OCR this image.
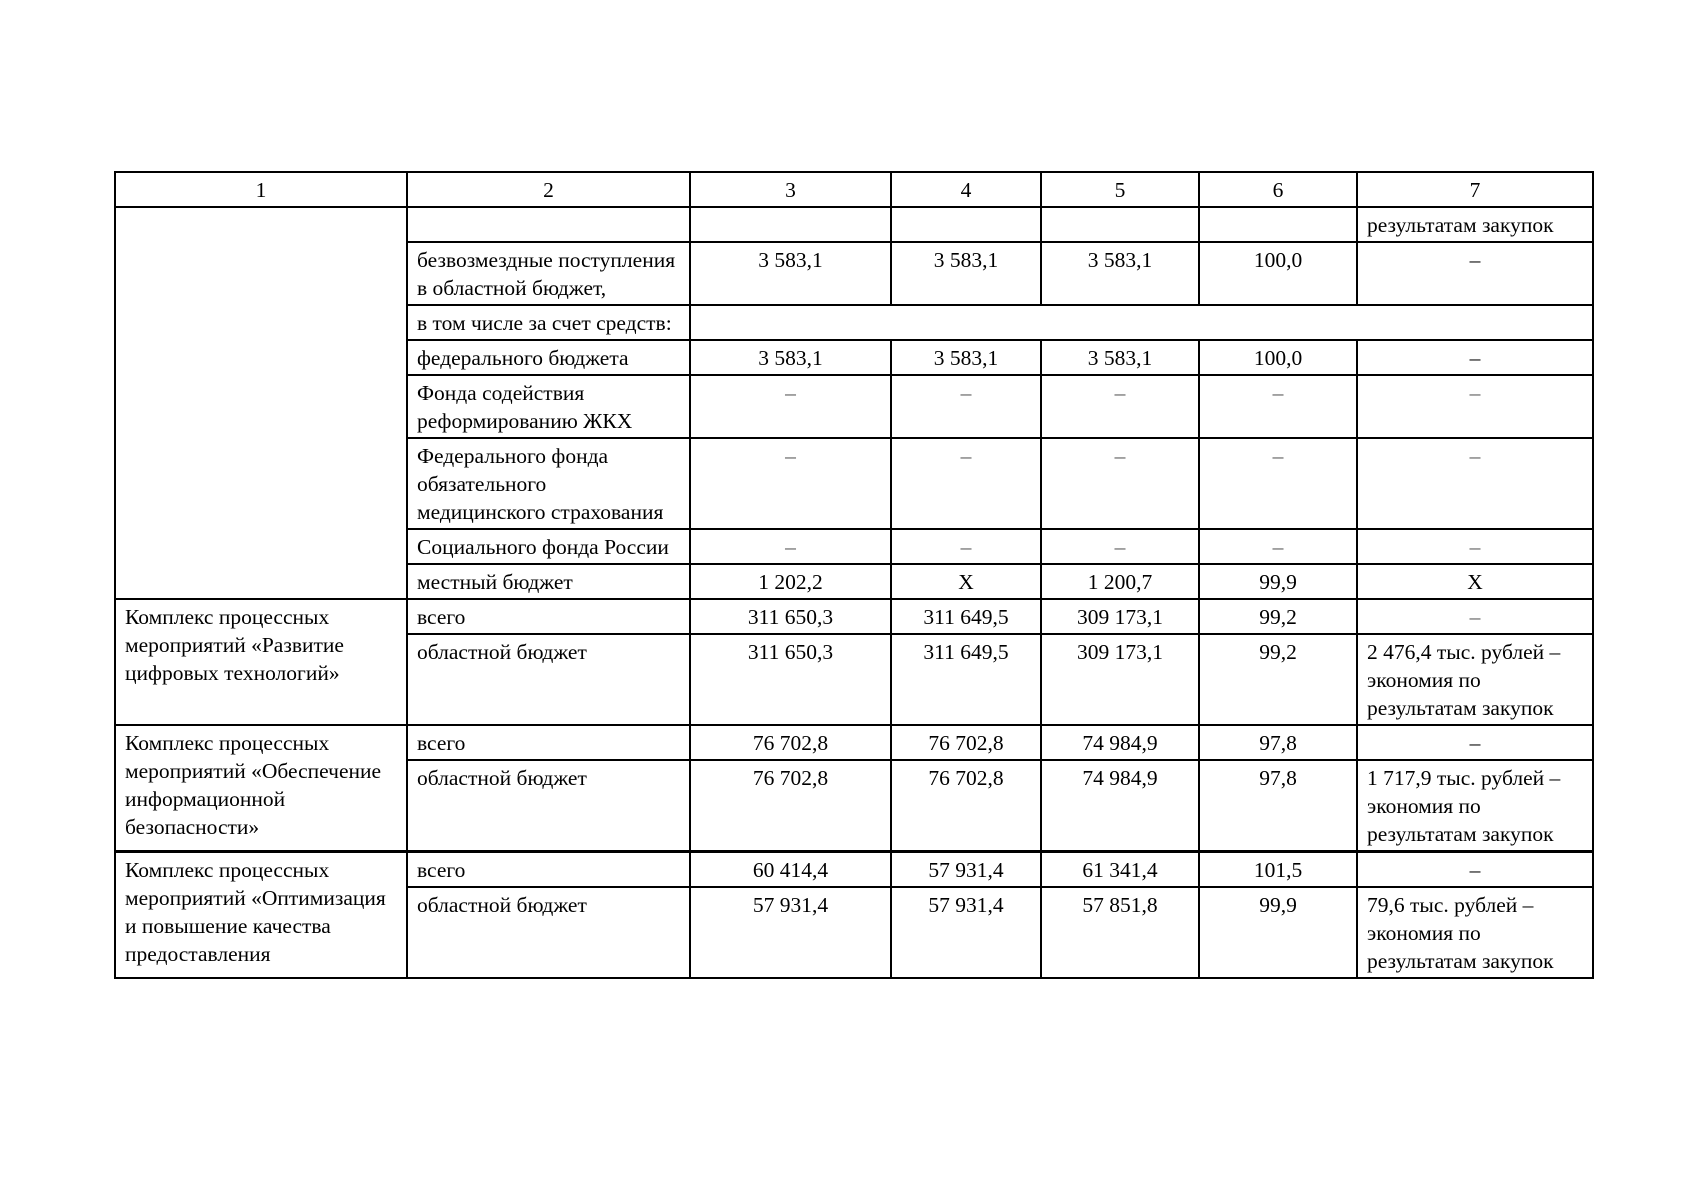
1	2	3	4	5	6	7
						результатам закупок
	безвозмездные поступления в областной бюджет,	3 583,1	3 583,1	3 583,1	100,0	–
	в том числе за счет средств:					
	федерального бюджета	3 583,1	3 583,1	3 583,1	100,0	–
	Фонда содействия реформированию ЖКХ	–	–	–	–	–
	Федерального фонда обязательного медицинского страхования	–	–	–	–	–
	Социального фонда России	–	–	–	–	–
	местный бюджет	1 202,2	X	1 200,7	99,9	X
Комплекс процессных мероприятий «Развитие цифровых технологий»	всего	311 650,3	311 649,5	309 173,1	99,2	–
	областной бюджет	311 650,3	311 649,5	309 173,1	99,2	2 476,4 тыс. рублей – экономия по результатам закупок
Комплекс процессных мероприятий «Обеспечение информационной безопасности»	всего	76 702,8	76 702,8	74 984,9	97,8	–
	областной бюджет	76 702,8	76 702,8	74 984,9	97,8	1 717,9 тыс. рублей – экономия по результатам закупок
Комплекс процессных мероприятий «Оптимизация и повышение качества предоставления	всего	60 414,4	57 931,4	61 341,4	101,5	–
	областной бюджет	57 931,4	57 931,4	57 851,8	99,9	79,6 тыс. рублей – экономия по результатам закупок
